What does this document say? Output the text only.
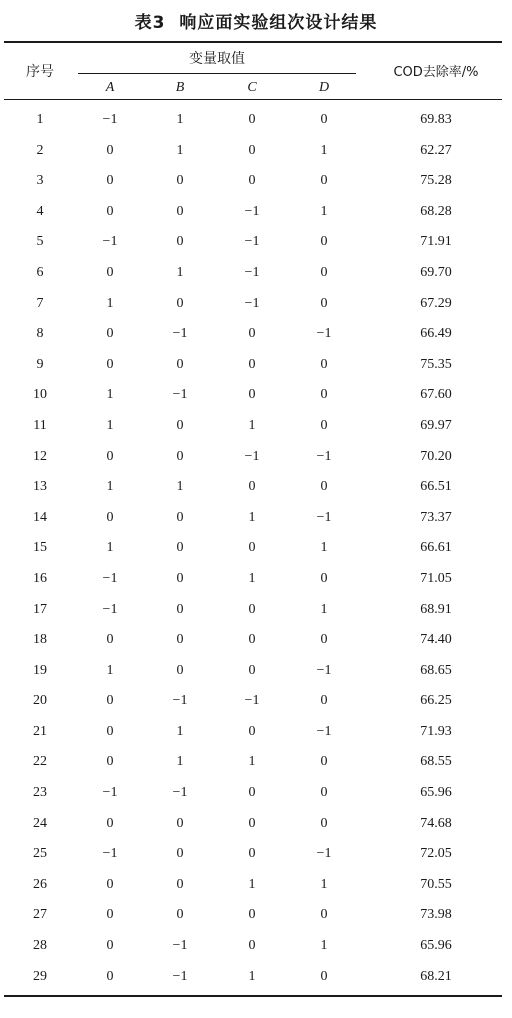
表3 响应面实验组次设计结果
序号
变量取值
A	B	C	D
COD去除率/%
1	−1	1	0	0	69.83
2	0	1	0	1	62.27
3	0	0	0	0	75.28
4	0	0	−1	1	68.28
5	−1	0	−1	0	71.91
6	0	1	−1	0	69.70
7	1	0	−1	0	67.29
8	0	−1	0	−1	66.49
9	0	0	0	0	75.35
10	1	−1	0	0	67.60
11	1	0	1	0	69.97
12	0	0	−1	−1	70.20
13	1	1	0	0	66.51
14	0	0	1	−1	73.37
15	1	0	0	1	66.61
16	−1	0	1	0	71.05
17	−1	0	0	1	68.91
18	0	0	0	0	74.40
19	1	0	0	−1	68.65
20	0	−1	−1	0	66.25
21	0	1	0	−1	71.93
22	0	1	1	0	68.55
23	−1	−1	0	0	65.96
24	0	0	0	0	74.68
25	−1	0	0	−1	72.05
26	0	0	1	1	70.55
27	0	0	0	0	73.98
28	0	−1	0	1	65.96
29	0	−1	1	0	68.21
